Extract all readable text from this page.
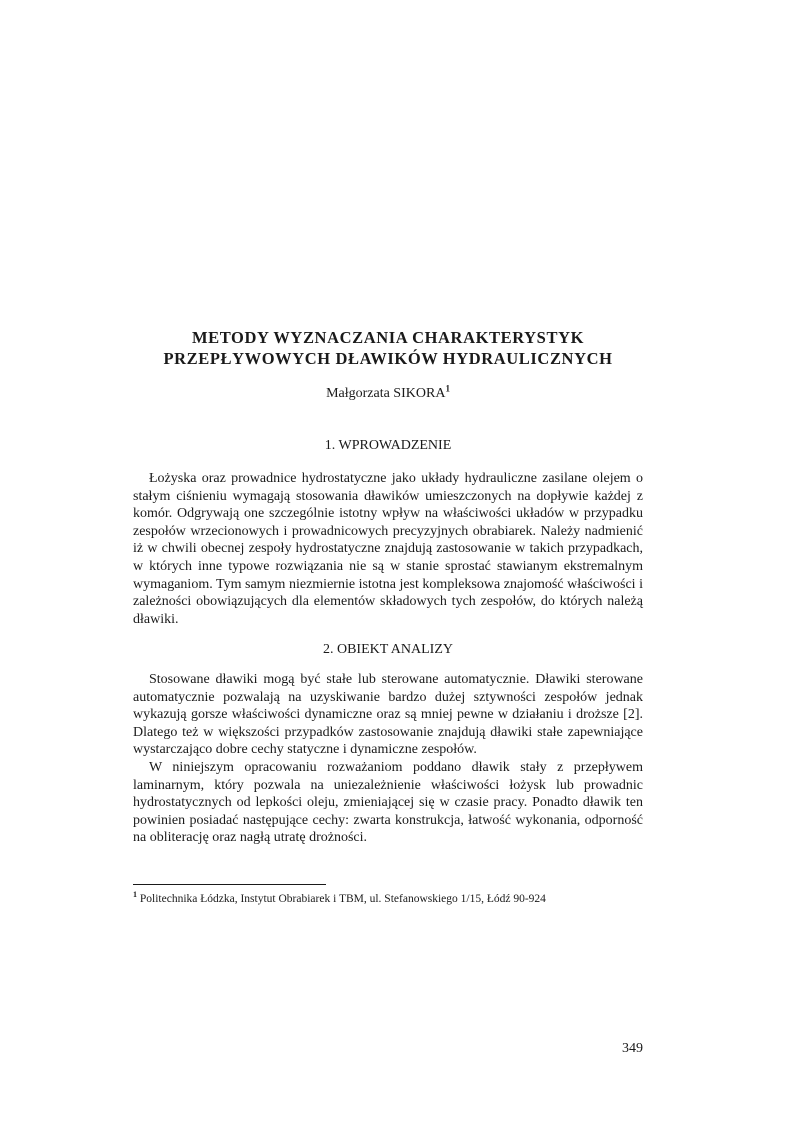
METODY WYZNACZANIA CHARAKTERYSTYK
PRZEPŁYWOWYCH DŁAWIKÓW HYDRAULICZNYCH
Małgorzata SIKORA$^1$
1. WPROWADZENIE

Łożyska oraz prowadnice hydrostatyczne jako układy hydrauliczne zasilane olejem o stałym ciśnieniu wymagają stosowania dławików umieszczonych na dopływie każdej z komór. Odgrywają one szczególnie istotny wpływ na właściwości układów w przypadku zespołów wrzecionowych i prowadnicowych precyzyjnych obrabiarek. Należy nadmienić iż w chwili obecnej zespoły hydrostatyczne znajdują zastosowanie w takich przypadkach, w których inne typowe rozwiązania nie są w stanie sprostać stawianym ekstremalnym wymaganiom. Tym samym niezmiernie istotna jest kompleksowa znajomość właściwości i zależności obowiązujących dla elementów składowych tych zespołów, do których należą dławiki.

2. OBIEKT ANALIZY

Stosowane dławiki mogą być stałe lub sterowane automatycznie. Dławiki sterowane automatycznie pozwalają na uzyskiwanie bardzo dużej sztywności zespołów jednak wykazują gorsze właściwości dynamiczne oraz są mniej pewne w działaniu i droższe [2]. Dlatego też w większości przypadków zastosowanie znajdują dławiki stałe zapewniające wystarczająco dobre cechy statyczne i dynamiczne zespołów.

W niniejszym opracowaniu rozważaniom poddano dławik stały z przepływem laminarnym, który pozwala na uniezależnienie właściwości łożysk lub prowadnic hydrostatycznych od lepkości oleju, zmieniającej się w czasie pracy. Ponadto dławik ten powinien posiadać następujące cechy: zwarta konstrukcja, łatwość wykonania, odporność na obliterację oraz nagłą utratę drożności.

$^1$ Politechnika Łódzka, Instytut Obrabiarek i TBM, ul. Stefanowskiego 1/15, Łódź 90-924
349
